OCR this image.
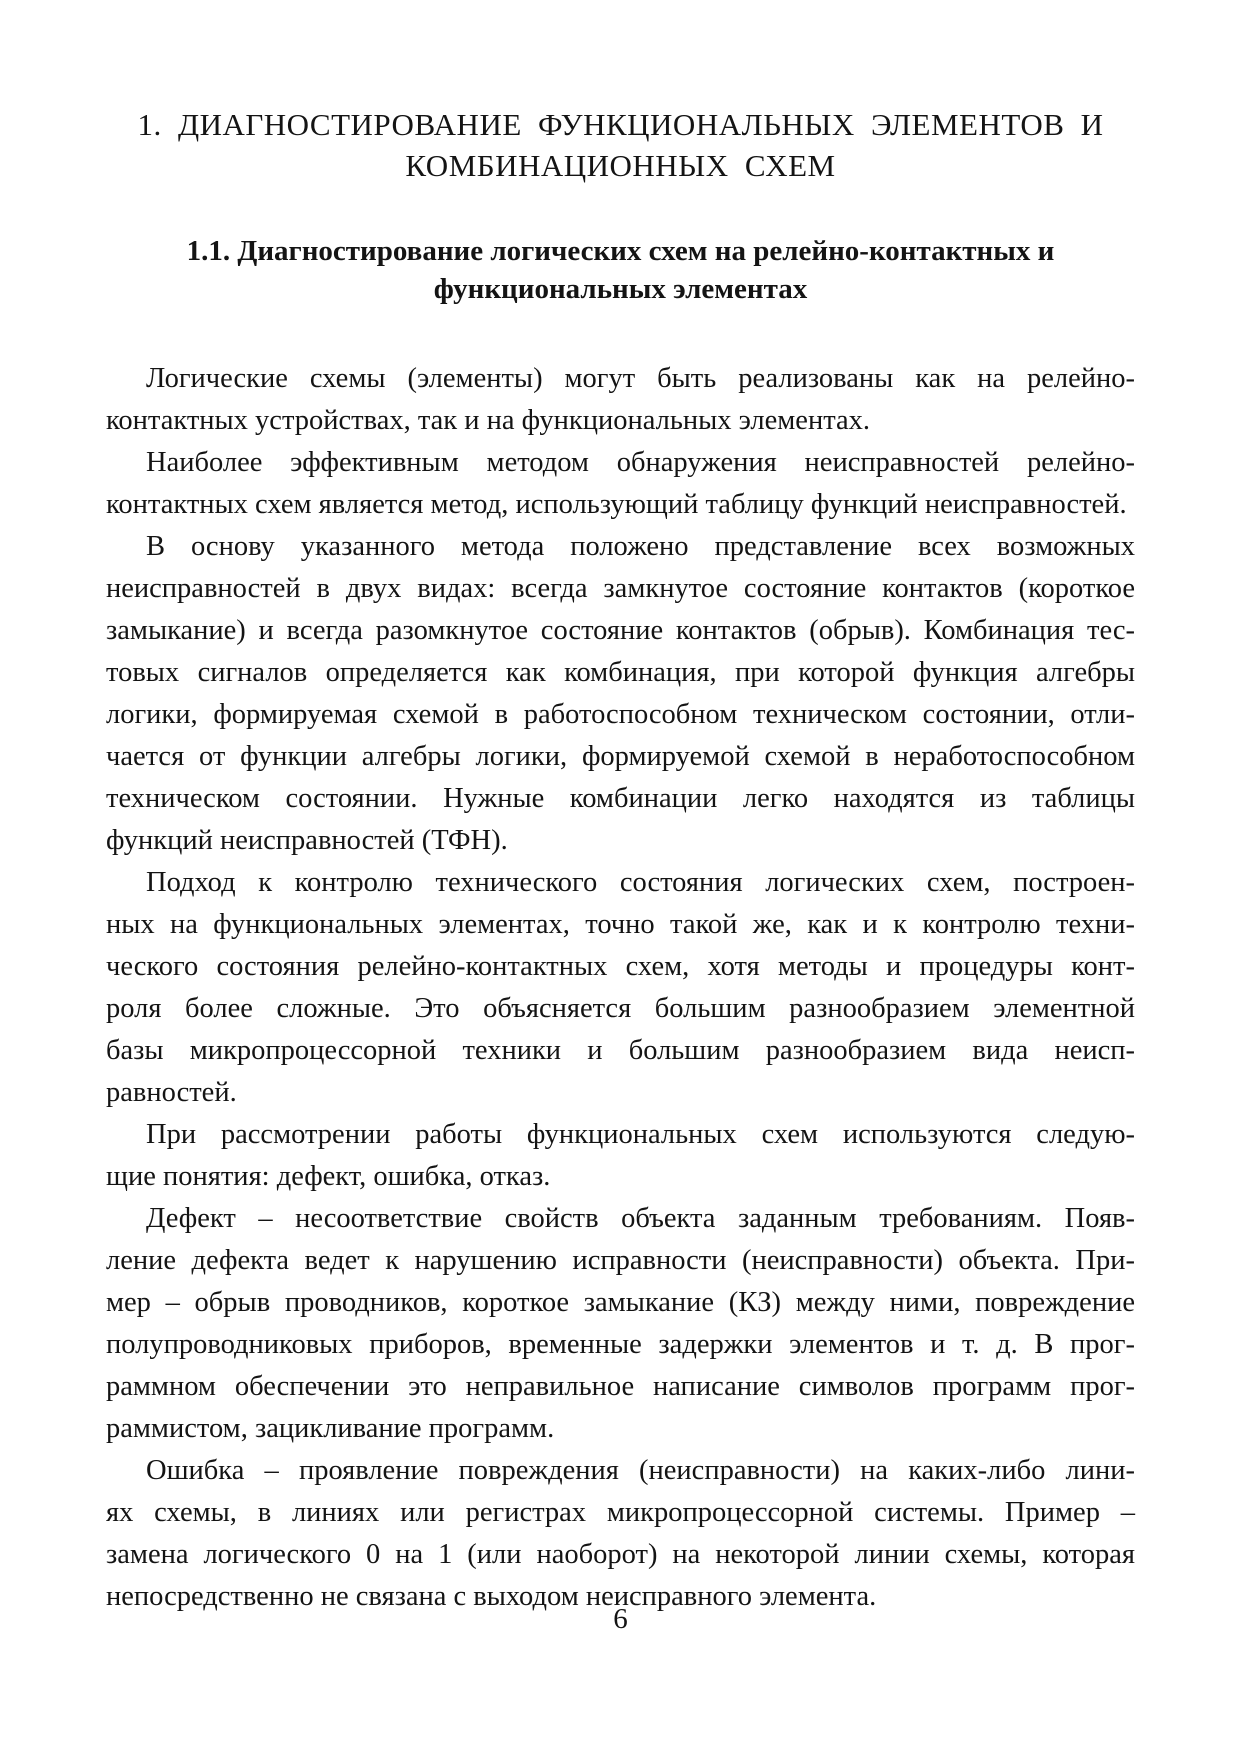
1. ДИАГНОСТИРОВАНИЕ ФУНКЦИОНАЛЬНЫХ ЭЛЕМЕНТОВ И
КОМБИНАЦИОННЫХ СХЕМ
1.1. Диагностирование логических схем на релейно-контактных и
функциональных элементах
Логические схемы (элементы) могут быть реализованы как на релейно-
контактных устройствах, так и на функциональных элементах.
Наиболее эффективным методом обнаружения неисправностей релейно-
контактных схем является метод, использующий таблицу функций неисправностей.
В основу указанного метода положено представление всех возможных
неисправностей в двух видах: всегда замкнутое состояние контактов (короткое
замыкание) и всегда разомкнутое состояние контактов (обрыв). Комбинация тес-
товых сигналов определяется как комбинация, при которой функция алгебры
логики, формируемая схемой в работоспособном техническом состоянии, отли-
чается от функции алгебры логики, формируемой схемой в неработоспособном
техническом состоянии. Нужные комбинации легко находятся из таблицы
функций неисправностей (ТФН).
Подход к контролю технического состояния логических схем, построен-
ных на функциональных элементах, точно такой же, как и к контролю техни-
ческого состояния релейно-контактных схем, хотя методы и процедуры конт-
роля более сложные. Это объясняется большим разнообразием элементной
базы микропроцессорной техники и большим разнообразием вида неисп-
равностей.
При рассмотрении работы функциональных схем используются следую-
щие понятия: дефект, ошибка, отказ.
Дефект – несоответствие свойств объекта заданным требованиям. Появ-
ление дефекта ведет к нарушению исправности (неисправности) объекта. При-
мер – обрыв проводников, короткое замыкание (КЗ) между ними, повреждение
полупроводниковых приборов, временные задержки элементов и т. д. В прог-
раммном обеспечении это неправильное написание символов программ прог-
раммистом, зацикливание программ.
Ошибка – проявление повреждения (неисправности) на каких-либо лини-
ях схемы, в линиях или регистрах микропроцессорной системы. Пример –
замена логического 0 на 1 (или наоборот) на некоторой линии схемы, которая
непосредственно не связана с выходом неисправного элемента.
6
